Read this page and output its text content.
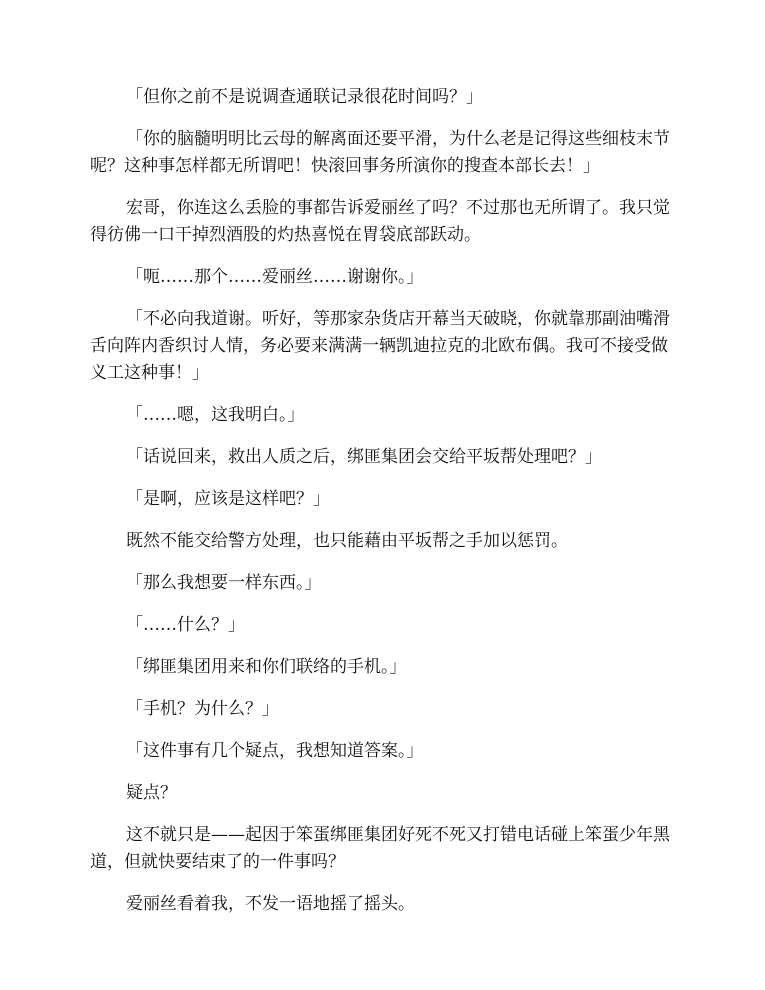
「但你之前不是说调查通联记录很花时间吗？」

「你的脑髓明明比云母的解离面还要平滑，为什么老是记得这些细枝末节呢？这种事怎样都无所谓吧！快滚回事务所演你的搜查本部长去！」

宏哥，你连这么丢脸的事都告诉爱丽丝了吗？不过那也无所谓了。我只觉得彷佛一口干掉烈酒股的灼热喜悦在胃袋底部跃动。

「呃……那个……爱丽丝……谢谢你。」

「不必向我道谢。听好，等那家杂货店开幕当天破晓，你就靠那副油嘴滑舌向阵内香织讨人情，务必要来满满一辆凯迪拉克的北欧布偶。我可不接受做义工这种事！」

「……嗯，这我明白。」

「话说回来，救出人质之后，绑匪集团会交给平坂帮处理吧？」

「是啊，应该是这样吧？」

既然不能交给警方处理，也只能藉由平坂帮之手加以惩罚。

「那么我想要一样东西。」

「……什么？」

「绑匪集团用来和你们联络的手机。」

「手机？为什么？」

「这件事有几个疑点，我想知道答案。」

疑点？

这不就只是——起因于笨蛋绑匪集团好死不死又打错电话碰上笨蛋少年黑道，但就快要结束了的一件事吗？

爱丽丝看着我，不发一语地摇了摇头。
